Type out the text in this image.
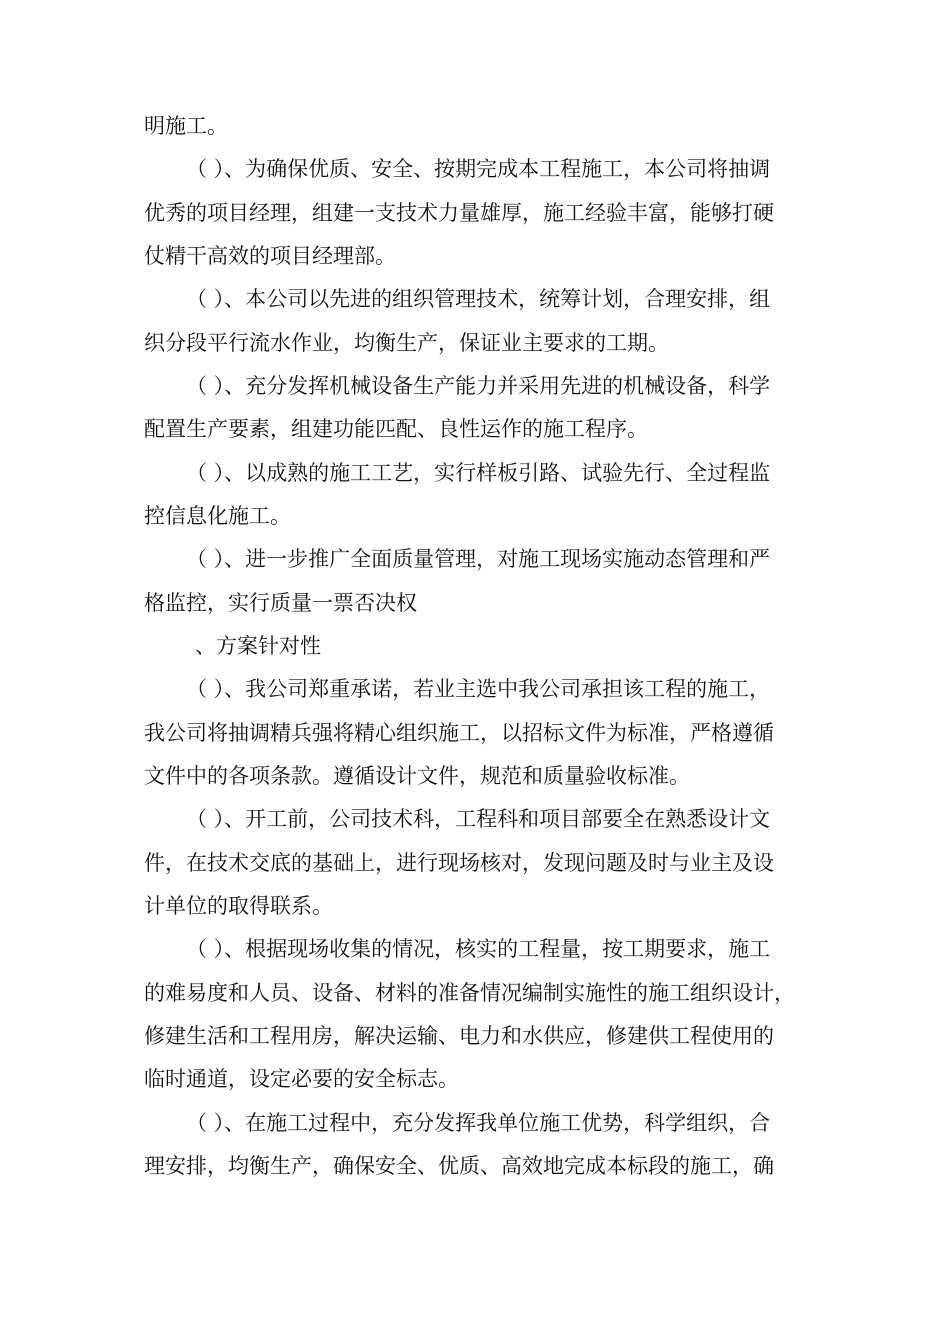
明施工。
（ ）、为确保优质、安全、按期完成本工程施工，本公司将抽调
优秀的项目经理，组建一支技术力量雄厚，施工经验丰富，能够打硬
仗精干高效的项目经理部。
（ ）、本公司以先进的组织管理技术，统筹计划，合理安排，组
织分段平行流水作业，均衡生产，保证业主要求的工期。
（ ）、充分发挥机械设备生产能力并采用先进的机械设备，科学
配置生产要素，组建功能匹配、良性运作的施工程序。
（ ）、以成熟的施工工艺，实行样板引路、试验先行、全过程监
控信息化施工。
（ ）、进一步推广全面质量管理，对施工现场实施动态管理和严
格监控，实行质量一票否决权
、方案针对性
（ ）、我公司郑重承诺，若业主选中我公司承担该工程的施工，
我公司将抽调精兵强将精心组织施工，以招标文件为标准，严格遵循
文件中的各项条款。遵循设计文件，规范和质量验收标准。
（ ）、开工前，公司技术科，工程科和项目部要全在熟悉设计文
件，在技术交底的基础上，进行现场核对，发现问题及时与业主及设
计单位的取得联系。
（ ）、根据现场收集的情况，核实的工程量，按工期要求，施工
的难易度和人员、设备、材料的准备情况编制实施性的施工组织设计，
修建生活和工程用房，解决运输、电力和水供应，修建供工程使用的
临时通道，设定必要的安全标志。
（ ）、在施工过程中，充分发挥我单位施工优势，科学组织，合
理安排，均衡生产，确保安全、优质、高效地完成本标段的施工，确
